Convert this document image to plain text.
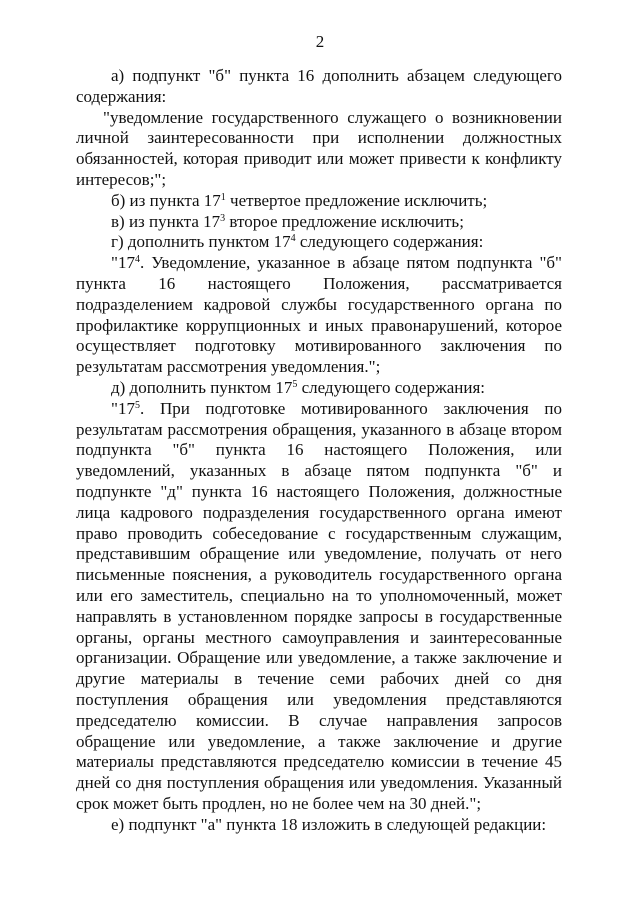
2

а) подпункт "б" пункта 16 дополнить абзацем следующего содержания:

"уведомление государственного служащего о возникновении личной заинтересованности при исполнении должностных обязанностей, которая приводит или может привести к конфликту интересов;";

б) из пункта $17^1$ четвертое предложение исключить;

в) из пункта $17^3$ второе предложение исключить;

г) дополнить пунктом $17^4$ следующего содержания:

"$17^4$. Уведомление, указанное в абзаце пятом подпункта "б" пункта 16 настоящего Положения, рассматривается подразделением кадровой службы государственного органа по профилактике коррупционных и иных правонарушений, которое осуществляет подготовку мотивированного заключения по результатам рассмотрения уведомления.";

д) дополнить пунктом $17^5$ следующего содержания:

"$17^5$. При подготовке мотивированного заключения по результатам рассмотрения обращения, указанного в абзаце втором подпункта "б" пункта 16 настоящего Положения, или уведомлений, указанных в абзаце пятом подпункта "б" и подпункте "д" пункта 16 настоящего Положения, должностные лица кадрового подразделения государственного органа имеют право проводить собеседование с государственным служащим, представившим обращение или уведомление, получать от него письменные пояснения, а руководитель государственного органа или его заместитель, специально на то уполномоченный, может направлять в установленном порядке запросы в государственные органы, органы местного самоуправления и заинтересованные организации. Обращение или уведомление, а также заключение и другие материалы в течение семи рабочих дней со дня поступления обращения или уведомления представляются председателю комиссии. В случае направления запросов обращение или уведомление, а также заключение и другие материалы представляются председателю комиссии в течение 45 дней со дня поступления обращения или уведомления. Указанный срок может быть продлен, но не более чем на 30 дней.";

е) подпункт "а" пункта 18 изложить в следующей редакции:
